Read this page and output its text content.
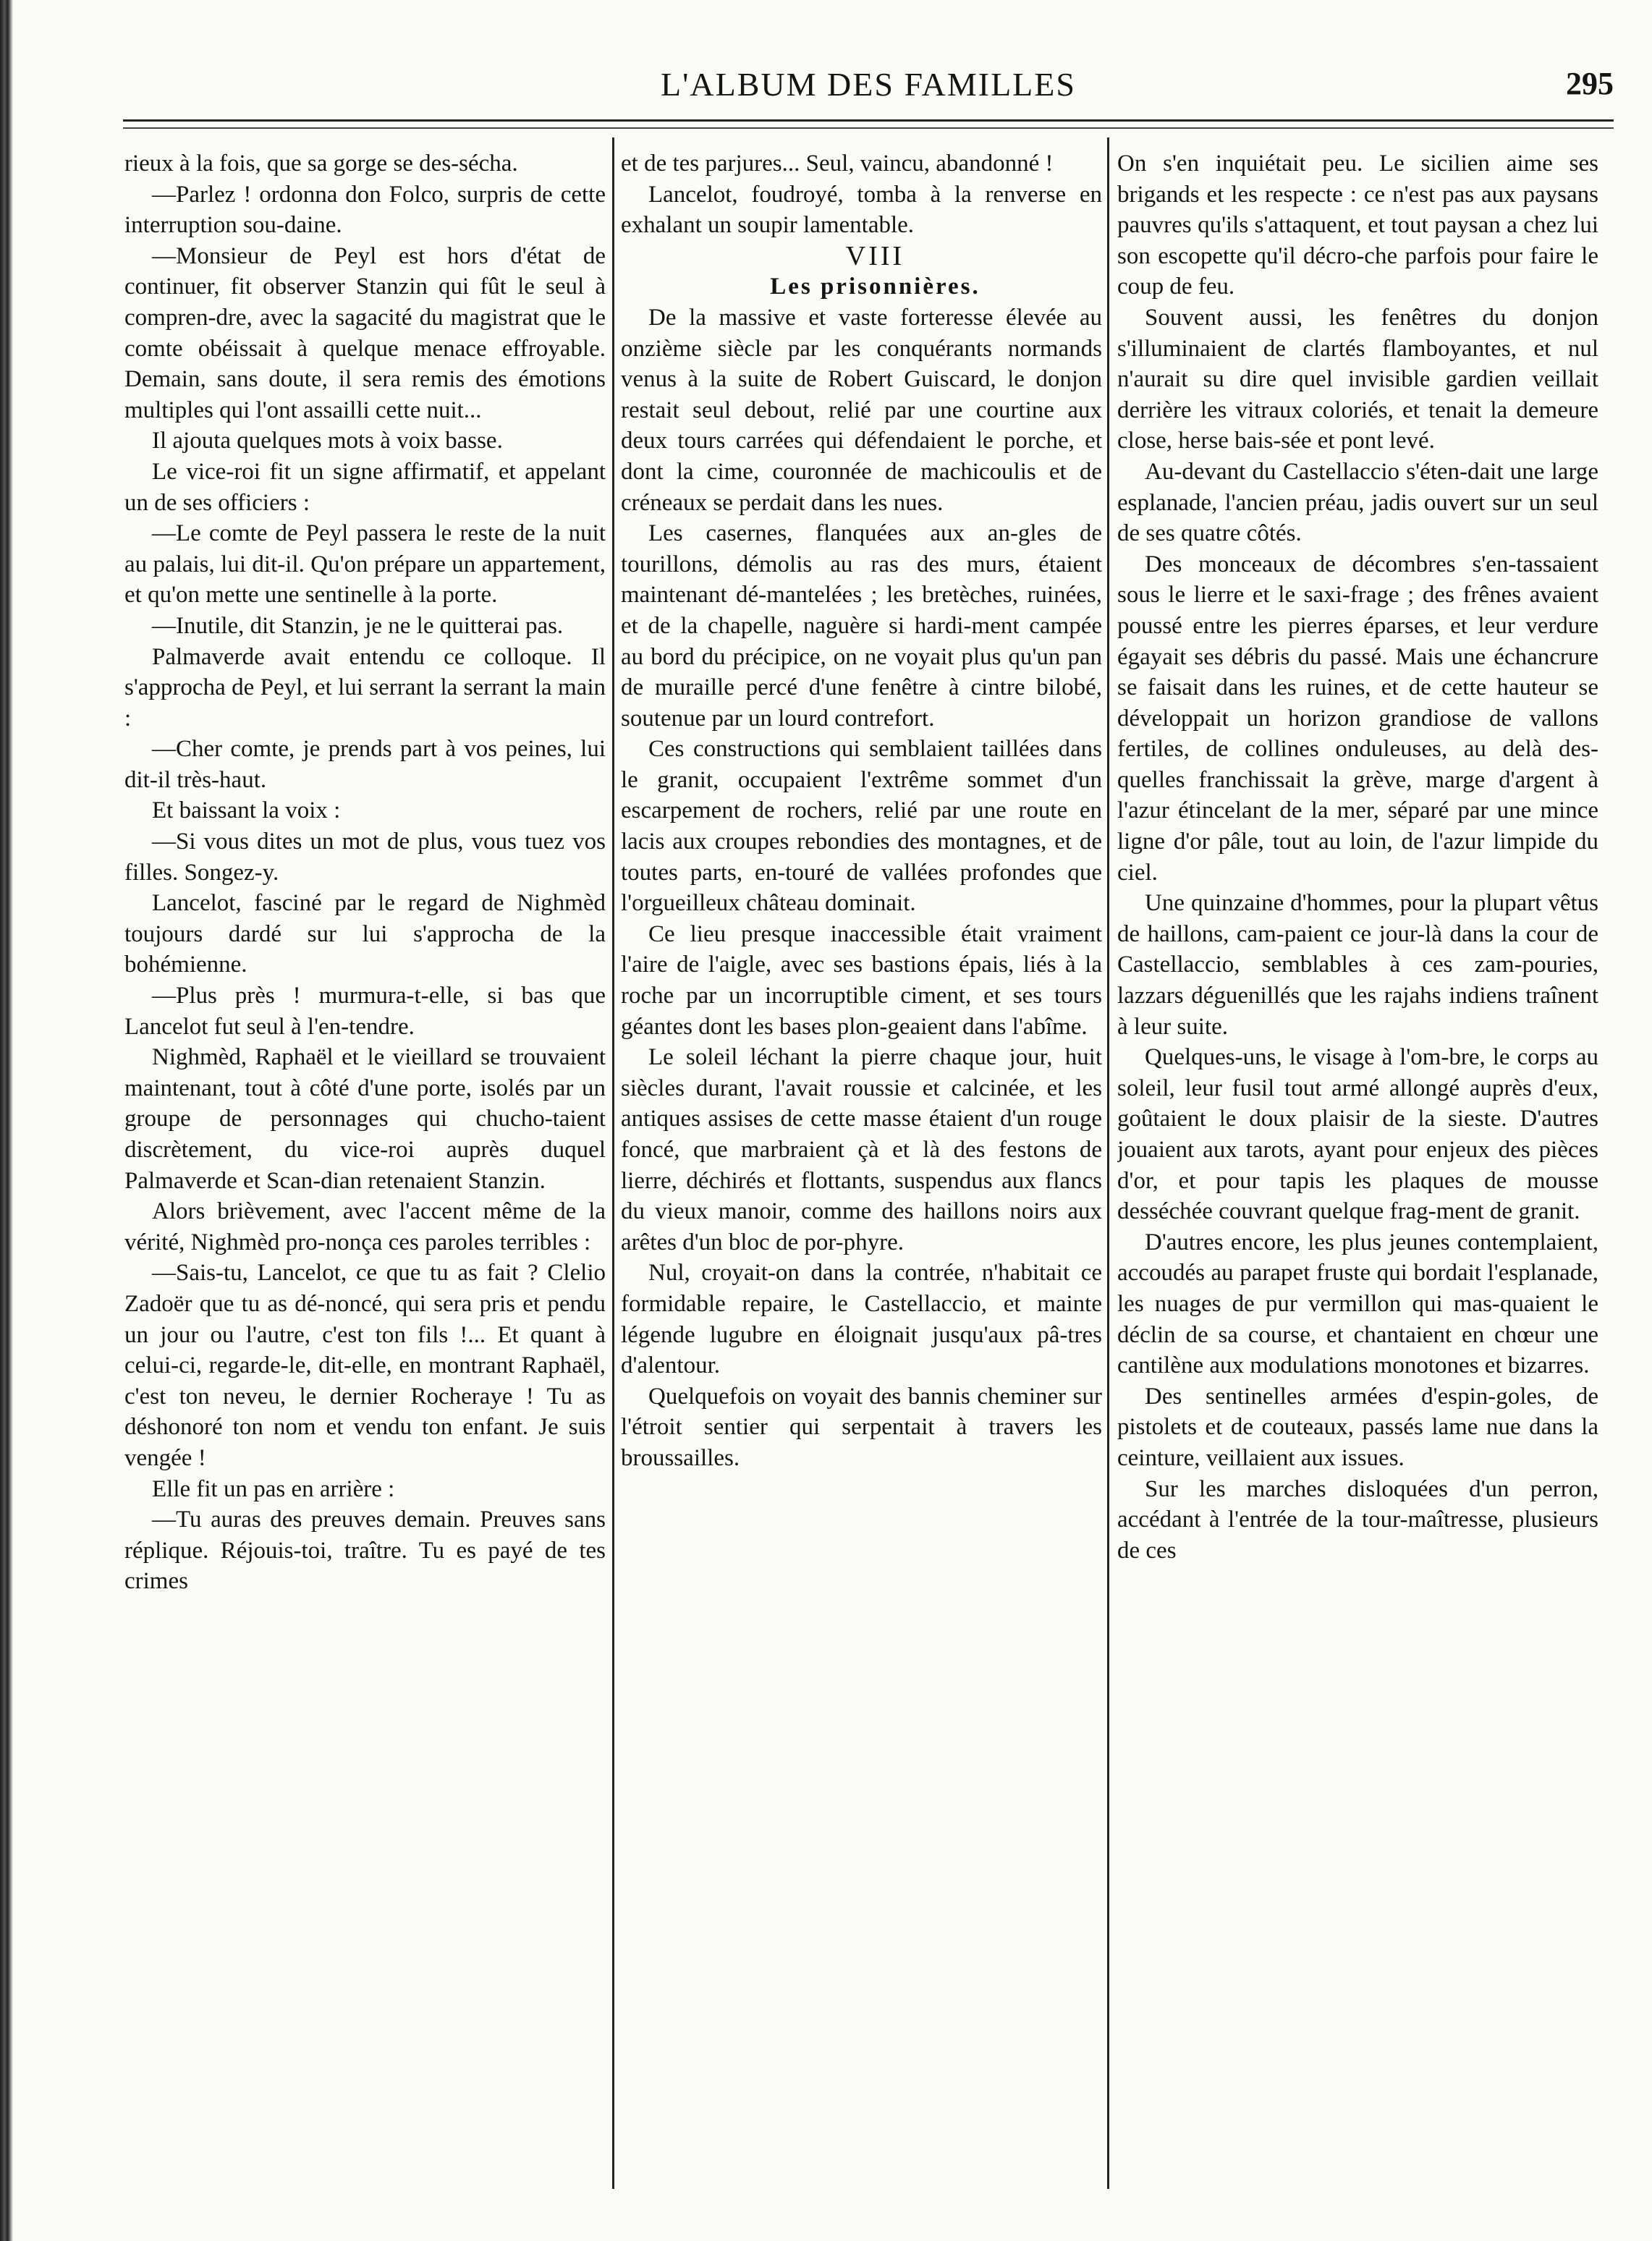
L'ALBUM DES FAMILLES	295

rieux à la fois, que sa gorge se des-sécha.

—Parlez ! ordonna don Folco, surpris de cette interruption sou-daine.

—Monsieur de Peyl est hors d'état de continuer, fit observer Stanzin qui fût le seul à compren-dre, avec la sagacité du magistrat que le comte obéissait à quelque menace effroyable. Demain, sans doute, il sera remis des émotions multiples qui l'ont assailli cette nuit...

Il ajouta quelques mots à voix basse.

Le vice-roi fit un signe affirmatif, et appelant un de ses officiers :

—Le comte de Peyl passera le reste de la nuit au palais, lui dit-il. Qu'on prépare un appartement, et qu'on mette une sentinelle à la porte.

—Inutile, dit Stanzin, je ne le quitterai pas.

Palmaverde avait entendu ce colloque. Il s'approcha de Peyl, et lui serrant la serrant la main :

—Cher comte, je prends part à vos peines, lui dit-il très-haut.

Et baissant la voix :

—Si vous dites un mot de plus, vous tuez vos filles. Songez-y.

Lancelot, fasciné par le regard de Nighmèd toujours dardé sur lui s'approcha de la bohémienne.

—Plus près ! murmura-t-elle, si bas que Lancelot fut seul à l'en-tendre.

Nighmèd, Raphaël et le vieillard se trouvaient maintenant, tout à côté d'une porte, isolés par un groupe de personnages qui chucho-taient discrètement, du vice-roi auprès duquel Palmaverde et Scan-dian retenaient Stanzin.

Alors brièvement, avec l'accent même de la vérité, Nighmèd pro-nonça ces paroles terribles :

—Sais-tu, Lancelot, ce que tu as fait ? Clelio Zadoër que tu as dé-noncé, qui sera pris et pendu un jour ou l'autre, c'est ton fils !... Et quant à celui-ci, regarde-le, dit-elle, en montrant Raphaël, c'est ton neveu, le dernier Rocheraye ! Tu as déshonoré ton nom et vendu ton enfant. Je suis vengée !

Elle fit un pas en arrière :

—Tu auras des preuves demain. Preuves sans réplique. Réjouis-toi, traître. Tu es payé de tes crimes

et de tes parjures... Seul, vaincu, abandonné !

Lancelot, foudroyé, tomba à la renverse en exhalant un soupir lamentable.

VIII

Les prisonnières.

De la massive et vaste forteresse élevée au onzième siècle par les conquérants normands venus à la suite de Robert Guiscard, le donjon restait seul debout, relié par une courtine aux deux tours carrées qui défendaient le porche, et dont la cime, couronnée de machicoulis et de créneaux se perdait dans les nues.

Les casernes, flanquées aux an-gles de tourillons, démolis au ras des murs, étaient maintenant dé-mantelées ; les bretèches, ruinées, et de la chapelle, naguère si hardi-ment campée au bord du précipice, on ne voyait plus qu'un pan de muraille percé d'une fenêtre à cintre bilobé, soutenue par un lourd contrefort.

Ces constructions qui semblaient taillées dans le granit, occupaient l'extrême sommet d'un escarpement de rochers, relié par une route en lacis aux croupes rebondies des montagnes, et de toutes parts, en-touré de vallées profondes que l'orgueilleux château dominait.

Ce lieu presque inaccessible était vraiment l'aire de l'aigle, avec ses bastions épais, liés à la roche par un incorruptible ciment, et ses tours géantes dont les bases plon-geaient dans l'abîme.

Le soleil léchant la pierre chaque jour, huit siècles durant, l'avait roussie et calcinée, et les antiques assises de cette masse étaient d'un rouge foncé, que marbraient çà et là des festons de lierre, déchirés et flottants, suspendus aux flancs du vieux manoir, comme des haillons noirs aux arêtes d'un bloc de por-phyre.

Nul, croyait-on dans la contrée, n'habitait ce formidable repaire, le Castellaccio, et mainte légende lugubre en éloignait jusqu'aux pâ-tres d'alentour.

Quelquefois on voyait des bannis cheminer sur l'étroit sentier qui serpentait à travers les broussailles.

On s'en inquiétait peu. Le sicilien aime ses brigands et les respecte : ce n'est pas aux paysans pauvres qu'ils s'attaquent, et tout paysan a chez lui son escopette qu'il décro-che parfois pour faire le coup de feu.

Souvent aussi, les fenêtres du donjon s'illuminaient de clartés flamboyantes, et nul n'aurait su dire quel invisible gardien veillait derrière les vitraux coloriés, et tenait la demeure close, herse bais-sée et pont levé.

Au-devant du Castellaccio s'éten-dait une large esplanade, l'ancien préau, jadis ouvert sur un seul de ses quatre côtés.

Des monceaux de décombres s'en-tassaient sous le lierre et le saxi-frage ; des frênes avaient poussé entre les pierres éparses, et leur verdure égayait ses débris du passé. Mais une échancrure se faisait dans les ruines, et de cette hauteur se développait un horizon grandiose de vallons fertiles, de collines onduleuses, au delà des-quelles franchissait la grève, marge d'argent à l'azur étincelant de la mer, séparé par une mince ligne d'or pâle, tout au loin, de l'azur limpide du ciel.

Une quinzaine d'hommes, pour la plupart vêtus de haillons, cam-paient ce jour-là dans la cour de Castellaccio, semblables à ces zam-pouries, lazzars déguenillés que les rajahs indiens traînent à leur suite.

Quelques-uns, le visage à l'om-bre, le corps au soleil, leur fusil tout armé allongé auprès d'eux, goûtaient le doux plaisir de la sieste. D'autres jouaient aux tarots, ayant pour enjeux des pièces d'or, et pour tapis les plaques de mousse desséchée couvrant quelque frag-ment de granit.

D'autres encore, les plus jeunes contemplaient, accoudés au parapet fruste qui bordait l'esplanade, les nuages de pur vermillon qui mas-quaient le déclin de sa course, et chantaient en chœur une cantilène aux modulations monotones et bizarres.

Des sentinelles armées d'espin-goles, de pistolets et de couteaux, passés lame nue dans la ceinture, veillaient aux issues.

Sur les marches disloquées d'un perron, accédant à l'entrée de la tour-maîtresse, plusieurs de ces
